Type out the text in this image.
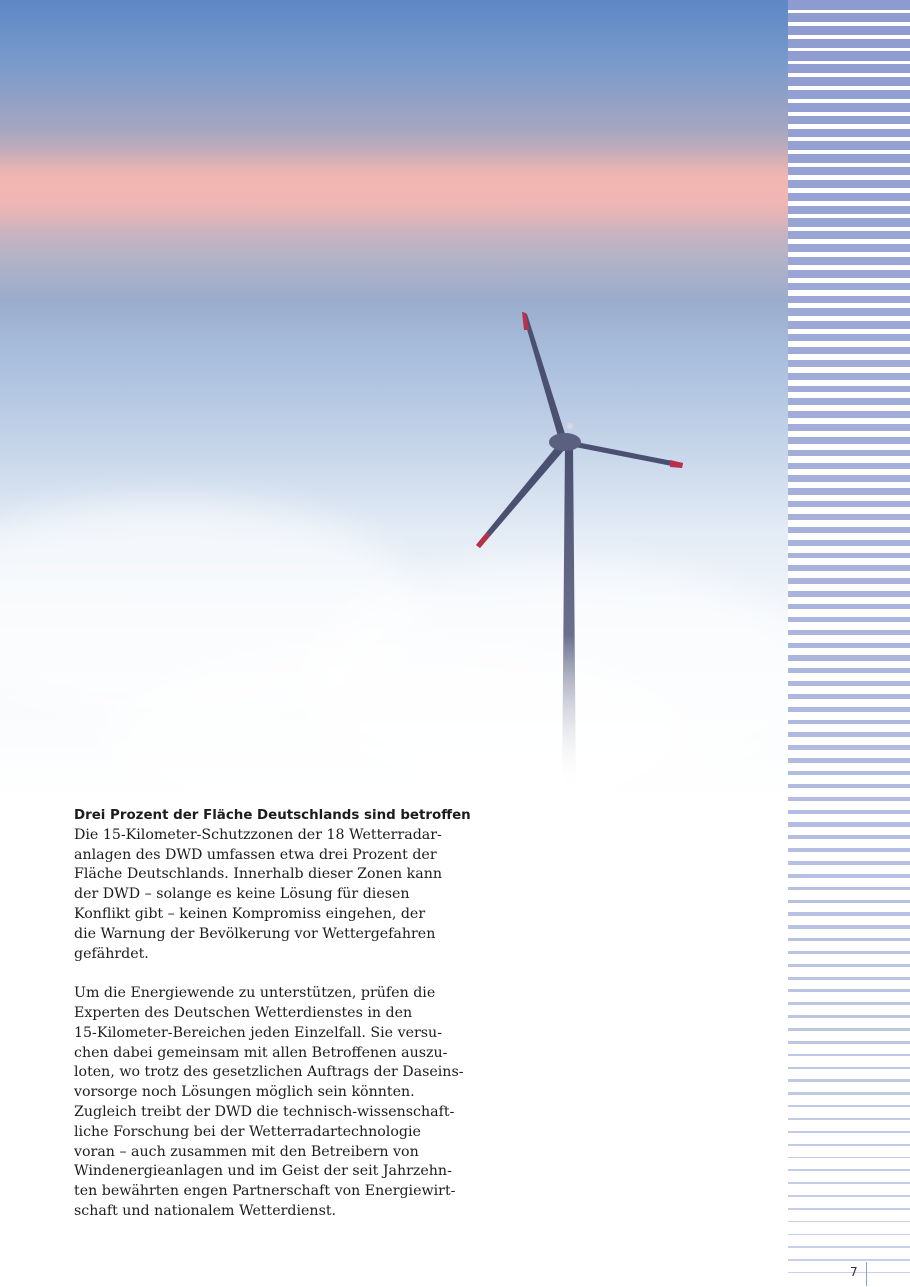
Drei Prozent der Fläche Deutschlands sind betroffen

Die 15-Kilometer-Schutzzonen der 18 Wetterradar-
anlagen des DWD umfassen etwa drei Prozent der
Fläche Deutschlands. Innerhalb dieser Zonen kann
der DWD – solange es keine Lösung für diesen
Konflikt gibt – keinen Kompromiss eingehen, der
die Warnung der Bevölkerung vor Wettergefahren
gefährdet.
Um die Energiewende zu unterstützen, prüfen die
Experten des Deutschen Wetterdienstes in den
15-Kilometer-Bereichen jeden Einzelfall. Sie versu-
chen dabei gemeinsam mit allen Betroffenen auszu-
loten, wo trotz des gesetzlichen Auftrags der Daseins-
vorsorge noch Lösungen möglich sein könnten.
Zugleich treibt der DWD die technisch-wissenschaft-
liche Forschung bei der Wetterradartechnologie
voran – auch zusammen mit den Betreibern von
Windenergieanlagen und im Geist der seit Jahrzehn-
ten bewährten engen Partnerschaft von Energiewirt-
schaft und nationalem Wetterdienst.
7
